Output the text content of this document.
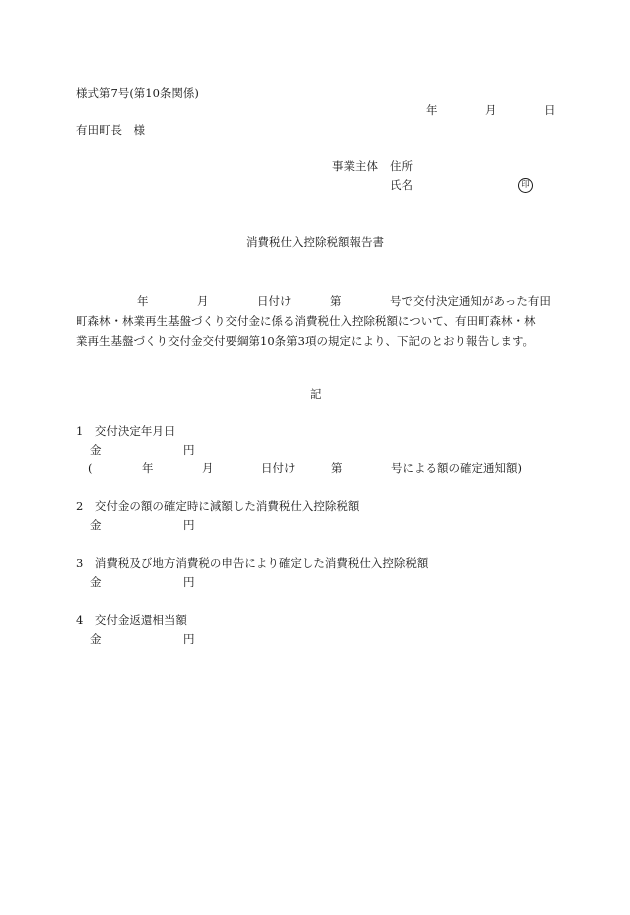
様式第7号(第10条関係)
年	月	日
有田町長　様
事業主体 住所
氏名	印
消費税仕入控除税額報告書
年	月	日付け	第	号で交付決定通知があった有田
町森林・林業再生基盤づくり交付金に係る消費税仕入控除税額について、有田町森林・林
業再生基盤づくり交付金交付要綱第10条第3項の規定により、下記のとおり報告します。
記
1　交付決定年月日
金	円
(	年	月	日付け	第	号による額の確定通知額)
2　交付金の額の確定時に減額した消費税仕入控除税額
金	円
3　消費税及び地方消費税の申告により確定した消費税仕入控除税額
金	円
4　交付金返還相当額
金	円
